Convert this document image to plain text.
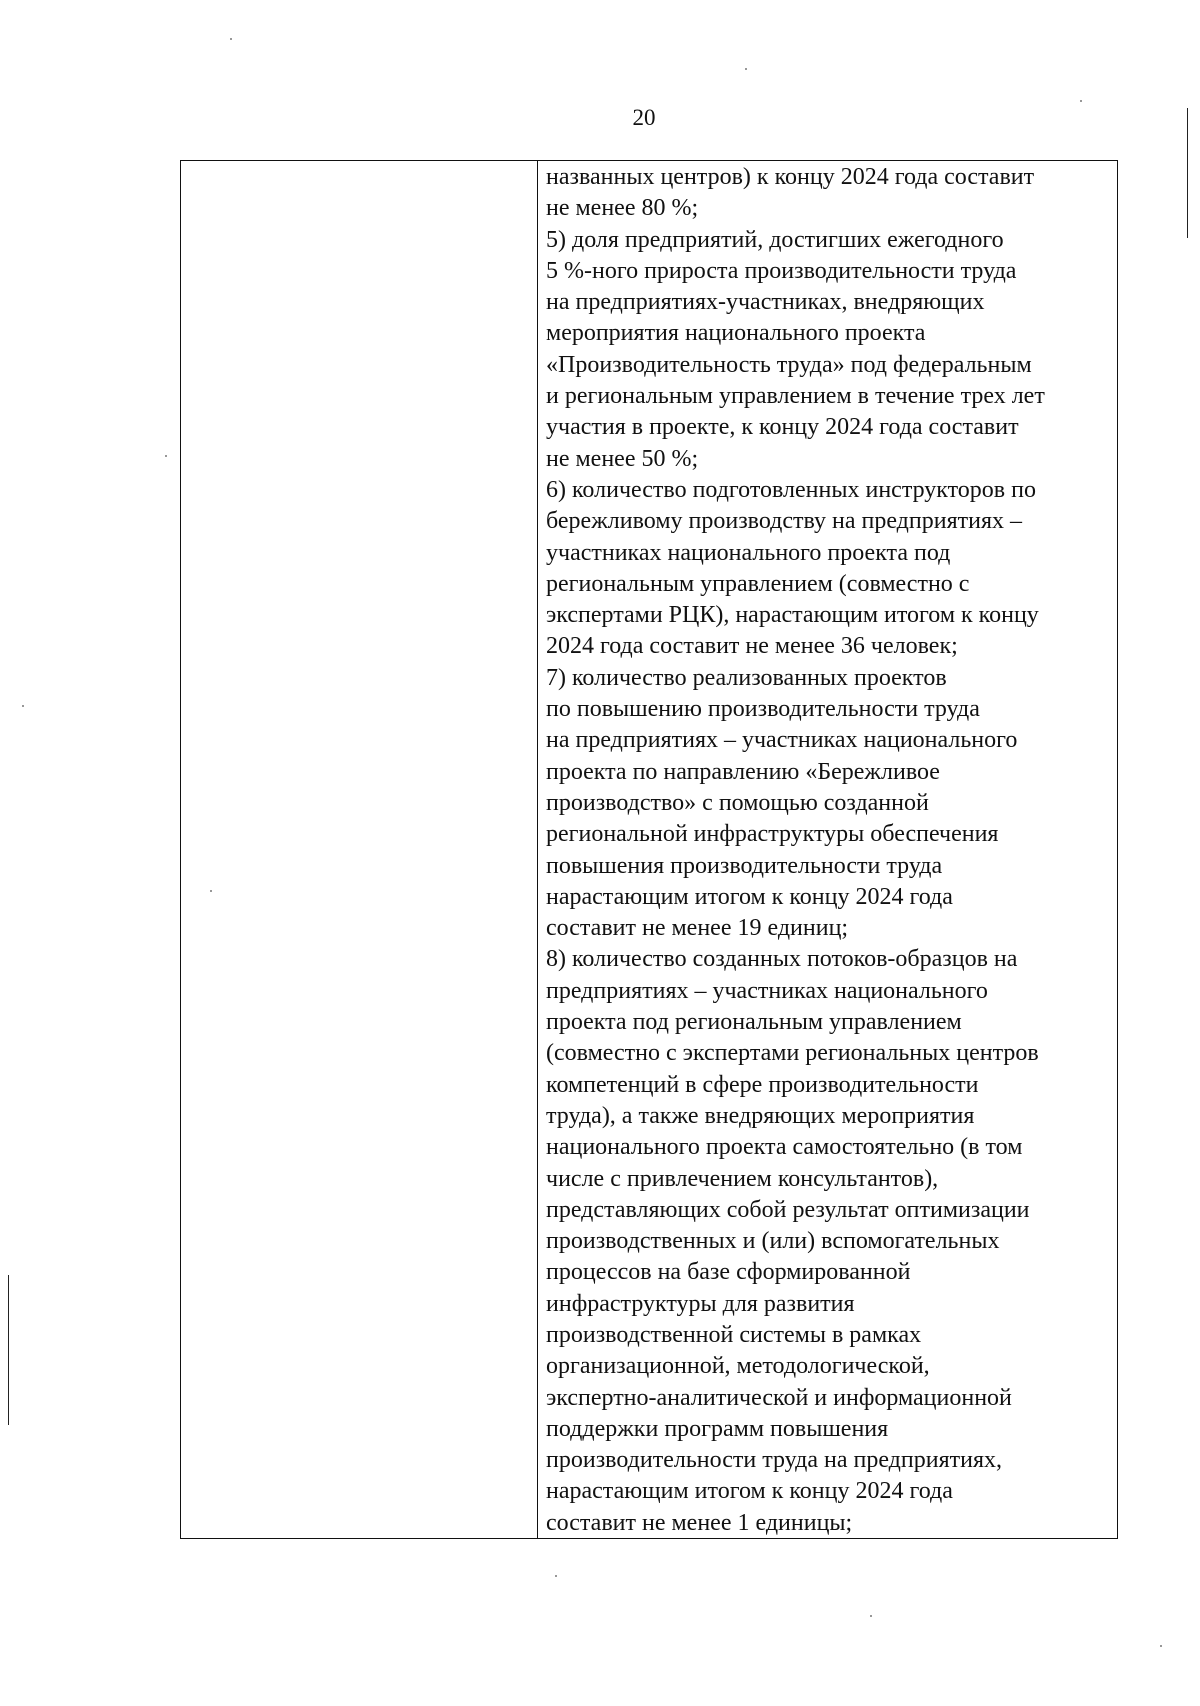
20
названных центров) к концу 2024 года составит
не менее 80 %;
5) доля предприятий, достигших ежегодного
5 %-ного прироста производительности труда
на предприятиях-участниках, внедряющих
мероприятия национального проекта
«Производительность труда» под федеральным
и региональным управлением в течение трех лет
участия в проекте, к концу 2024 года составит
не менее 50 %;
6) количество подготовленных инструкторов по
бережливому производству на предприятиях –
участниках национального проекта под
региональным управлением (совместно с
экспертами РЦК), нарастающим итогом к концу
2024 года составит не менее 36 человек;
7) количество реализованных проектов
по повышению производительности труда
на предприятиях – участниках национального
проекта по направлению «Бережливое
производство» с помощью созданной
региональной инфраструктуры обеспечения
повышения производительности труда
нарастающим итогом к концу 2024 года
составит не менее 19 единиц;
8) количество созданных потоков-образцов на
предприятиях – участниках национального
проекта под региональным управлением
(совместно с экспертами региональных центров
компетенций в сфере производительности
труда), а также внедряющих мероприятия
национального проекта самостоятельно (в том
числе с привлечением консультантов),
представляющих собой результат оптимизации
производственных и (или) вспомогательных
процессов на базе сформированной
инфраструктуры для развития
производственной системы в рамках
организационной, методологической,
экспертно-аналитической и информационной
поддержки программ повышения
производительности труда на предприятиях,
нарастающим итогом к концу 2024 года
составит не менее 1 единицы;
